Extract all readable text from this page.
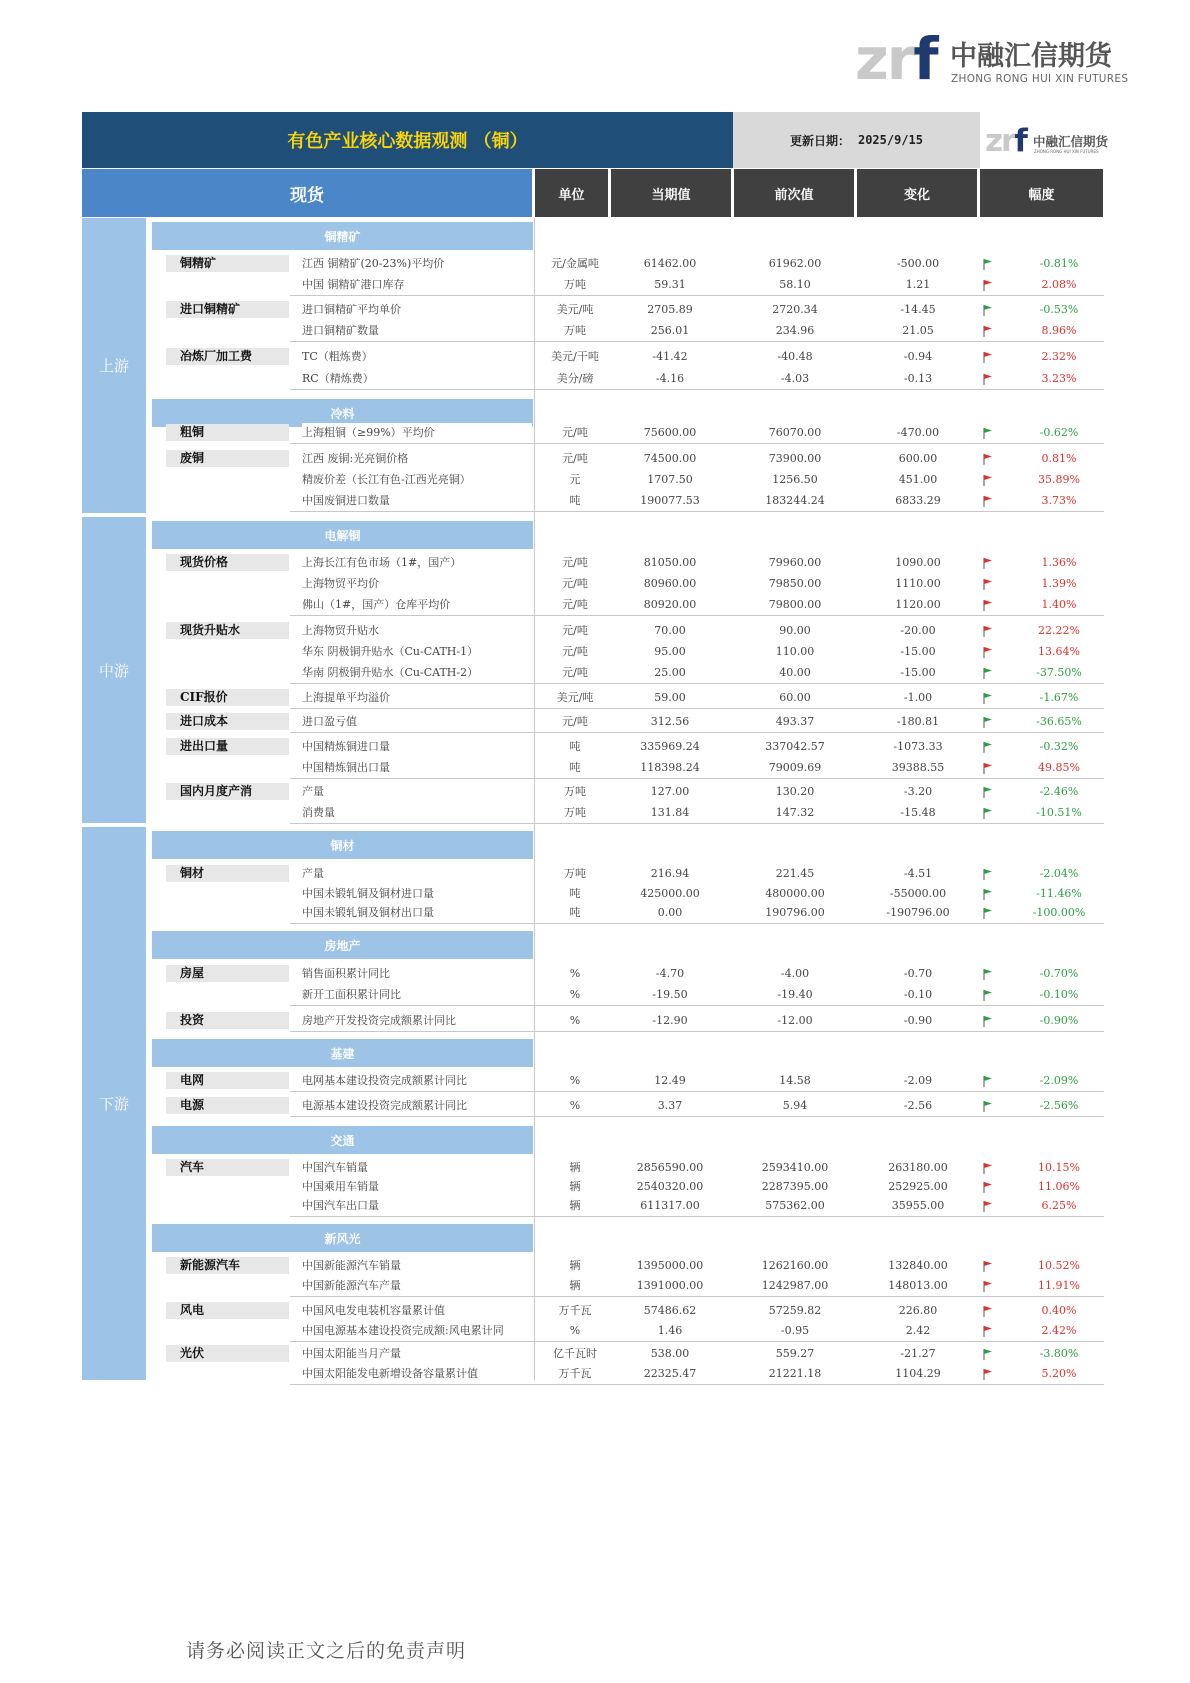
zrf 中融汇信期货
ZHONG RONG HUI XIN FUTURES
有色产业核心数据观测 （铜）	更新日期： 2025/9/15 zrf 中融汇信期货
ZHONG RONG HUI XIN FUTURES
现货	单位	当期值	前次值	变化	幅度
上游
铜精矿
铜精矿	江西 铜精矿(20-23%)平均价	元/金属吨	61462.00	61962.00	-500.00	-0.81%
中国 铜精矿港口库存	万吨	59.31	58.10	1.21	2.08%
进口铜精矿	进口铜精矿平均单价	美元/吨	2705.89	2720.34	-14.45	-0.53%
进口铜精矿数量	万吨	256.01	234.96	21.05	8.96%
冶炼厂加工费	TC（粗炼费）	美元/干吨	-41.42	-40.48	-0.94	2.32%
RC（精炼费）	美分/磅	-4.16	-4.03	-0.13	3.23%
冷料
粗铜	上海粗铜（≥99%）平均价	元/吨	75600.00	76070.00	-470.00	-0.62%
废铜	江西 废铜:光亮铜价格	元/吨	74500.00	73900.00	600.00	0.81%
精废价差（长江有色-江西光亮铜）	元	1707.50	1256.50	451.00	35.89%
中国废铜进口数量	吨	190077.53	183244.24	6833.29	3.73%
中游
电解铜
现货价格	上海长江有色市场（1#，国产）	元/吨	81050.00	79960.00	1090.00	1.36%
上海物贸平均价	元/吨	80960.00	79850.00	1110.00	1.39%
佛山（1#，国产）仓库平均价	元/吨	80920.00	79800.00	1120.00	1.40%
现货升贴水	上海物贸升贴水	元/吨	70.00	90.00	-20.00	22.22%
华东 阴极铜升贴水（Cu-CATH-1）	元/吨	95.00	110.00	-15.00	13.64%
华南 阴极铜升贴水（Cu-CATH-2）	元/吨	25.00	40.00	-15.00	-37.50%
CIF报价	上海提单平均溢价	美元/吨	59.00	60.00	-1.00	-1.67%
进口成本	进口盈亏值	元/吨	312.56	493.37	-180.81	-36.65%
进出口量	中国精炼铜进口量	吨	335969.24	337042.57	-1073.33	-0.32%
中国精炼铜出口量	吨	118398.24	79009.69	39388.55	49.85%
国内月度产消	产量	万吨	127.00	130.20	-3.20	-2.46%
消费量	万吨	131.84	147.32	-15.48	-10.51%
下游
铜材
铜材	产量	万吨	216.94	221.45	-4.51	-2.04%
中国未锻轧铜及铜材进口量	吨	425000.00	480000.00	-55000.00	-11.46%
中国未锻轧铜及铜材出口量	吨	0.00	190796.00	-190796.00	-100.00%
房地产
房屋	销售面积累计同比	%	-4.70	-4.00	-0.70	-0.70%
新开工面积累计同比	%	-19.50	-19.40	-0.10	-0.10%
投资	房地产开发投资完成额累计同比	%	-12.90	-12.00	-0.90	-0.90%
基建
电网	电网基本建设投资完成额累计同比	%	12.49	14.58	-2.09	-2.09%
电源	电源基本建设投资完成额累计同比	%	3.37	5.94	-2.56	-2.56%
交通
汽车	中国汽车销量	辆	2856590.00	2593410.00	263180.00	10.15%
中国乘用车销量	辆	2540320.00	2287395.00	252925.00	11.06%
中国汽车出口量	辆	611317.00	575362.00	35955.00	6.25%
新风光
新能源汽车	中国新能源汽车销量	辆	1395000.00	1262160.00	132840.00	10.52%
中国新能源汽车产量	辆	1391000.00	1242987.00	148013.00	11.91%
风电	中国风电发电装机容量累计值	万千瓦	57486.62	57259.82	226.80	0.40%
中国电源基本建设投资完成额:风电累计同	%	1.46	-0.95	2.42	2.42%
光伏	中国太阳能当月产量	亿千瓦时	538.00	559.27	-21.27	-3.80%
中国太阳能发电新增设备容量累计值	万千瓦	22325.47	21221.18	1104.29	5.20%
请务必阅读正文之后的免责声明
